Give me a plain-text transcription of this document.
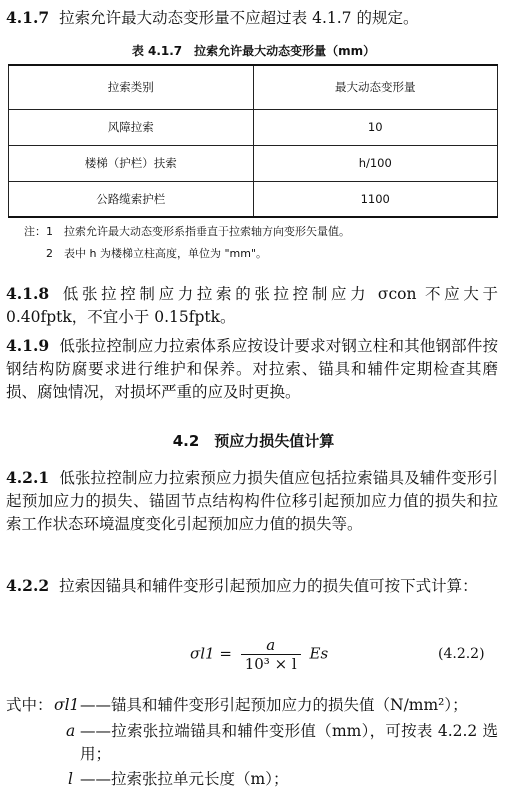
4.1.7 拉索允许最大动态变形量不应超过表 4.1.7 的规定。
表 4.1.7　拉索允许最大动态变形量（mm）
拉索类别	最大动态变形量
风障拉索	10
楼梯（护栏）扶索	h/100
公路缆索护栏	1100
注：1　拉索允许最大动态变形系指垂直于拉索轴方向变形矢量值。
2　表中 h 为楼梯立柱高度，单位为 "mm"。
4.1.8 低张拉控制应力拉索的张拉控制应力 σcon 不应大于 0.40fptk，不宜小于 0.15fptk。
4.1.9 低张拉控制应力拉索体系应按设计要求对钢立柱和其他钢部件按钢结构防腐要求进行维护和保养。对拉索、锚具和辅件定期检查其磨损、腐蚀情况，对损坏严重的应及时更换。
4.2　预应力损失值计算
4.2.1 低张拉控制应力拉索预应力损失值应包括拉索锚具及辅件变形引起预加应力的损失、锚固节点结构构件位移引起预加应力值的损失和拉索工作状态环境温度变化引起预加应力值的损失等。
4.2.2 拉索因锚具和辅件变形引起预加应力的损失值可按下式计算：
$\sigma l1 = \frac{a}{\text{10³ × l}}$ Es	(4.2.2)
式中： σl1 ——锚具和辅件变形引起预加应力的损失值（N/mm²）；
a ——拉索张拉端锚具和辅件变形值（mm），可按表 4.2.2 选用；
l ——拉索张拉单元长度（m）；
